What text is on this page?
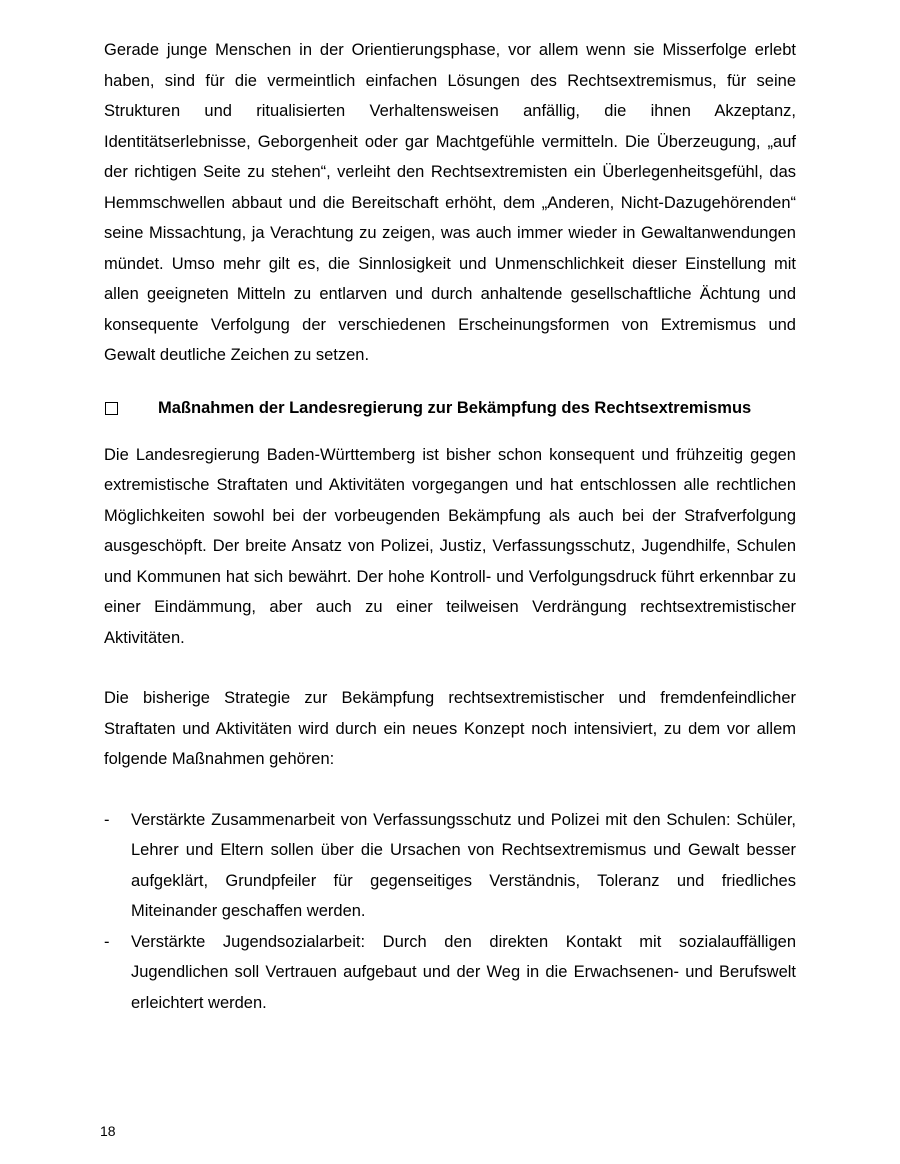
Gerade junge Menschen in der Orientierungsphase, vor allem wenn sie Misserfolge erlebt haben, sind für die vermeintlich einfachen Lösungen des Rechtsextremismus, für seine Strukturen und ritualisierten Verhaltensweisen anfällig, die ihnen Akzeptanz, Identitätserlebnisse, Geborgenheit oder gar Machtgefühle vermitteln. Die Überzeugung, „auf der richtigen Seite zu stehen“, verleiht den Rechtsextremisten ein Überlegenheitsgefühl, das Hemmschwellen abbaut und die Bereitschaft erhöht, dem „Anderen, Nicht-Dazugehörenden“ seine Missachtung, ja Verachtung zu zeigen, was auch immer wieder in Gewaltanwendungen mündet. Umso mehr gilt es, die Sinnlosigkeit und Unmenschlichkeit dieser Einstellung mit allen geeigneten Mitteln zu entlarven und durch anhaltende gesellschaftliche Ächtung und konsequente Verfolgung der verschiedenen Erscheinungsformen von Extremismus und Gewalt deutliche Zeichen zu setzen.

Maßnahmen der Landesregierung zur Bekämpfung des Rechtsextremismus

Die Landesregierung Baden-Württemberg ist bisher schon konsequent und frühzeitig gegen extremistische Straftaten und Aktivitäten vorgegangen und hat entschlossen alle rechtlichen Möglichkeiten sowohl bei der vorbeugenden Bekämpfung als auch bei der Strafverfolgung ausgeschöpft. Der breite Ansatz von Polizei, Justiz, Verfassungsschutz, Jugendhilfe, Schulen und Kommunen hat sich bewährt. Der hohe Kontroll- und Verfolgungsdruck führt erkennbar zu einer Eindämmung, aber auch zu einer teilweisen Verdrängung rechtsextremistischer Aktivitäten.

Die bisherige Strategie zur Bekämpfung rechtsextremistischer und fremdenfeindlicher Straftaten und Aktivitäten wird durch ein neues Konzept noch intensiviert, zu dem vor allem folgende Maßnahmen gehören:

-	Verstärkte Zusammenarbeit von Verfassungsschutz und Polizei mit den Schulen: Schüler, Lehrer und Eltern sollen über die Ursachen von Rechtsextremismus und Gewalt besser aufgeklärt, Grundpfeiler für gegenseitiges Verständnis, Toleranz und friedliches Miteinander geschaffen werden.

-	Verstärkte Jugendsozialarbeit: Durch den direkten Kontakt mit sozialauffälligen Jugendlichen soll Vertrauen aufgebaut und der Weg in die Erwachsenen- und Berufswelt erleichtert werden.

18
